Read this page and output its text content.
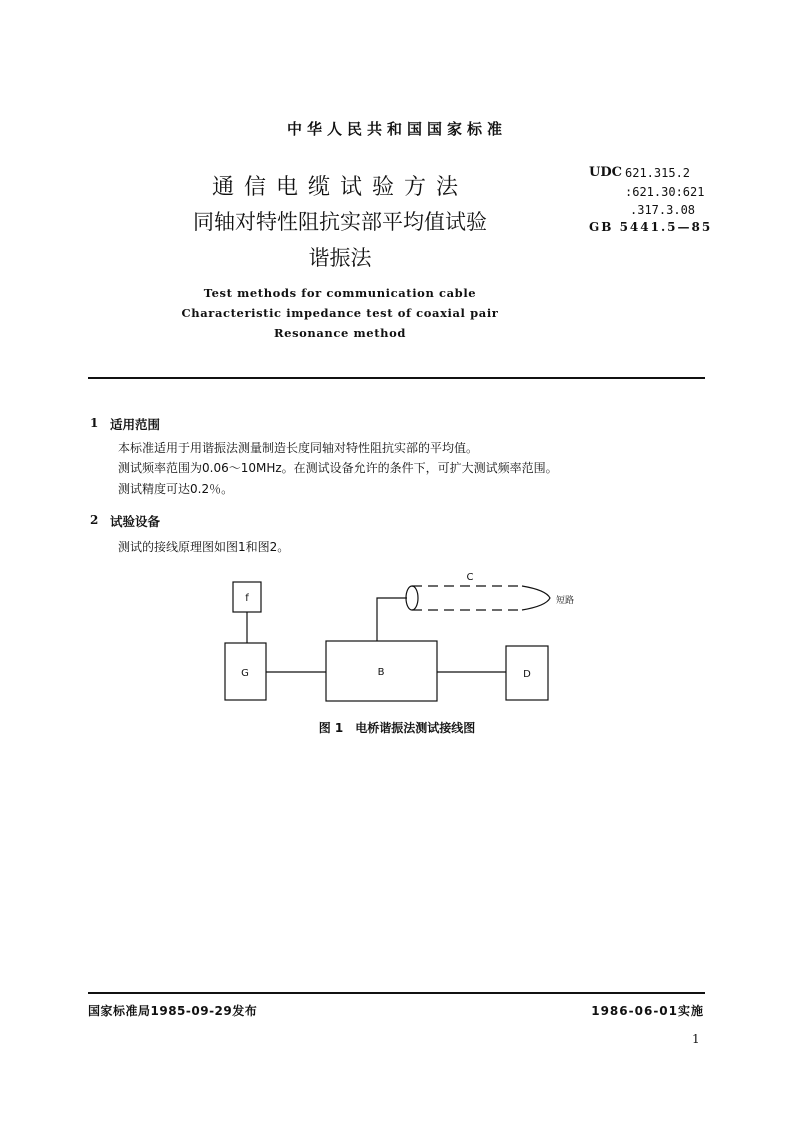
中华人民共和国国家标准
通信电缆试验方法
同轴对特性阻抗实部平均值试验
谐振法
Test methods for communication cable
Characteristic impedance test of coaxial pair
Resonance method
UDC 621.315.2
:621.30:621
.317.3.08
GB 5441.5—85
1 适用范围
本标准适用于用谐振法测量制造长度同轴对特性阻抗实部的平均值。
测试频率范围为0.06～10MHz。在测试设备允许的条件下，可扩大测试频率范围。
测试精度可达0.2％。
2 试验设备
测试的接线原理图如图1和图2。
f
G	B	D
C
短路
图 1　电桥谐振法测试接线图
国家标准局1985-09-29发布	1986-06-01实施
1
